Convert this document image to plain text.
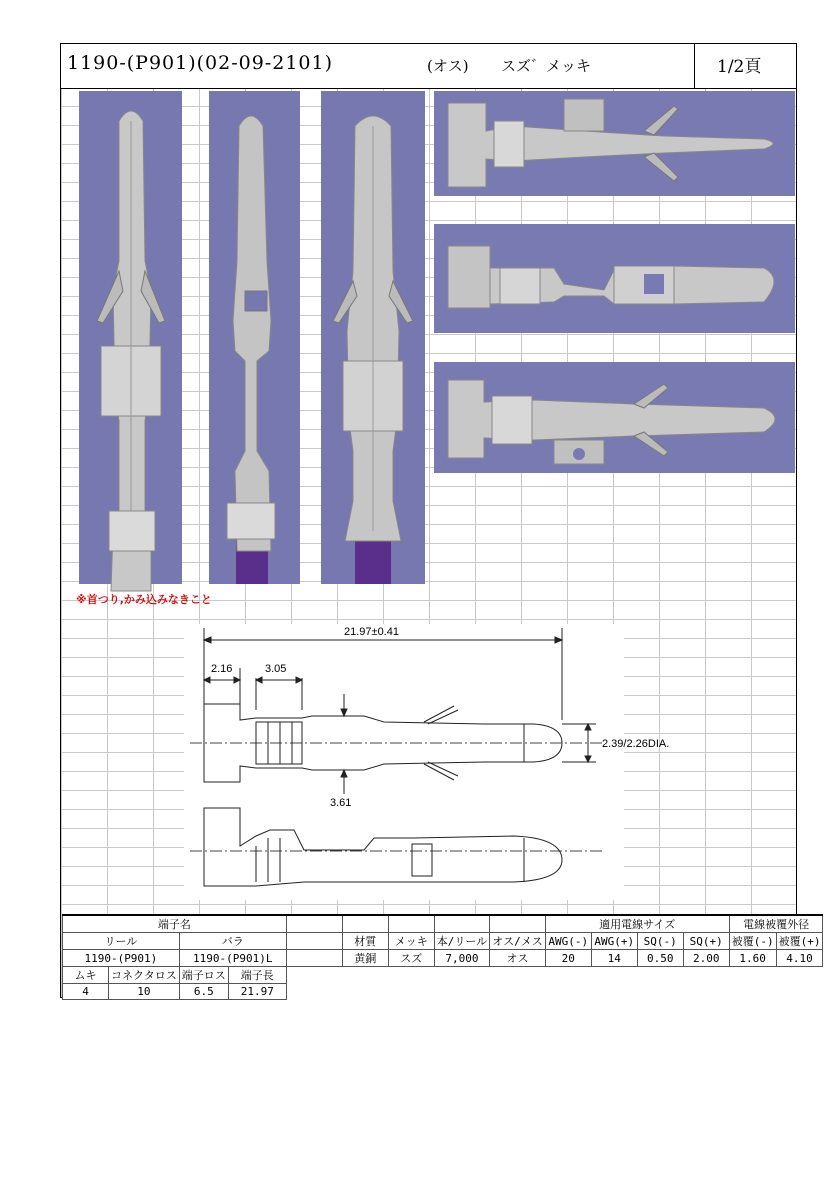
1190-(P901)(02-09-2101)	(オス) スズ゛メッキ	1/2頁
※首つり,かみ込みなきこと
21.97±0.41
2.16	3.05
3.61
2.39/2.26DIA.
端子名									適用電線サイズ				電線被覆外径	
リール		バラ			材質	メッキ	本/リール	オス/メス	AWG(-)	AWG(+)	SQ(-)	SQ(+)	被覆(-)	被覆(+)
1190-(P901)		1190-(P901)L			黄銅	スズ	7,000	オス	20	14	0.50	2.00	1.60	4.10
ムキ	コネクタロス	端子ロス	端子長											
4	10	6.5	21.97											
